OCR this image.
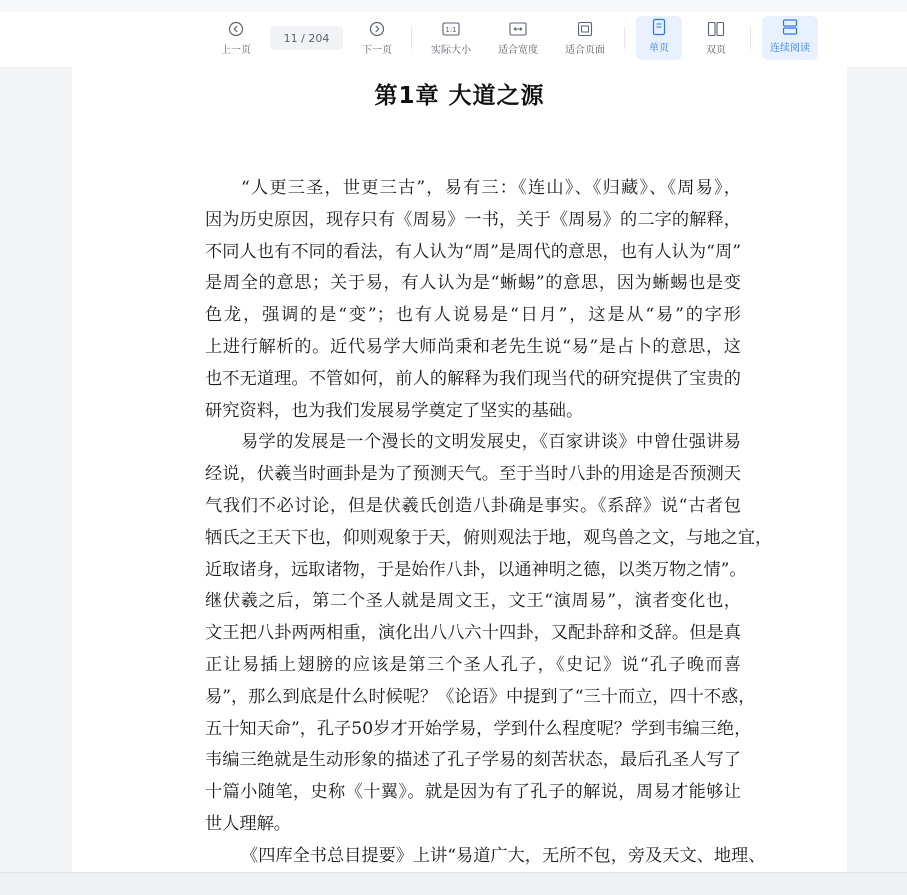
上一页
11 / 204
下一页
1:1
实际大小	适合宽度	适合页面	单页	双页	连续阅读
第1章 大道之源
“人更三圣，世更三古”，易有三：《连山》、《归藏》、《周易》，
因为历史原因，现存只有《周易》一书，关于《周易》的二字的解释，
不同人也有不同的看法，有人认为“周”是周代的意思，也有人认为“周”
是周全的意思；关于易，有人认为是“蜥蜴”的意思，因为蜥蜴也是变
色龙，强调的是“变”；也有人说易是“日月”，这是从“易”的字形
上进行解析的。近代易学大师尚秉和老先生说“易”是占卜的意思，这
也不无道理。不管如何，前人的解释为我们现当代的研究提供了宝贵的
研究资料，也为我们发展易学奠定了坚实的基础。
易学的发展是一个漫长的文明发展史，《百家讲谈》中曾仕强讲易
经说，伏羲当时画卦是为了预测天气。至于当时八卦的用途是否预测天
气我们不必讨论，但是伏羲氏创造八卦确是事实。《系辞》说“古者包
牺氏之王天下也，仰则观象于天，俯则观法于地，观鸟兽之文，与地之宜，
近取诸身，远取诸物，于是始作八卦，以通神明之德，以类万物之情”。
继伏羲之后，第二个圣人就是周文王，文王“演周易”，演者变化也，
文王把八卦两两相重，演化出八八六十四卦，又配卦辞和爻辞。但是真
正让易插上翅膀的应该是第三个圣人孔子，《史记》说“孔子晚而喜
易”，那么到底是什么时候呢？《论语》中提到了“三十而立，四十不惑，
五十知天命”，孔子50岁才开始学易，学到什么程度呢？学到韦编三绝，
韦编三绝就是生动形象的描述了孔子学易的刻苦状态，最后孔圣人写了
十篇小随笔，史称《十翼》。就是因为有了孔子的解说，周易才能够让
世人理解。
《四库全书总目提要》上讲“易道广大，无所不包，旁及天文、地理、
